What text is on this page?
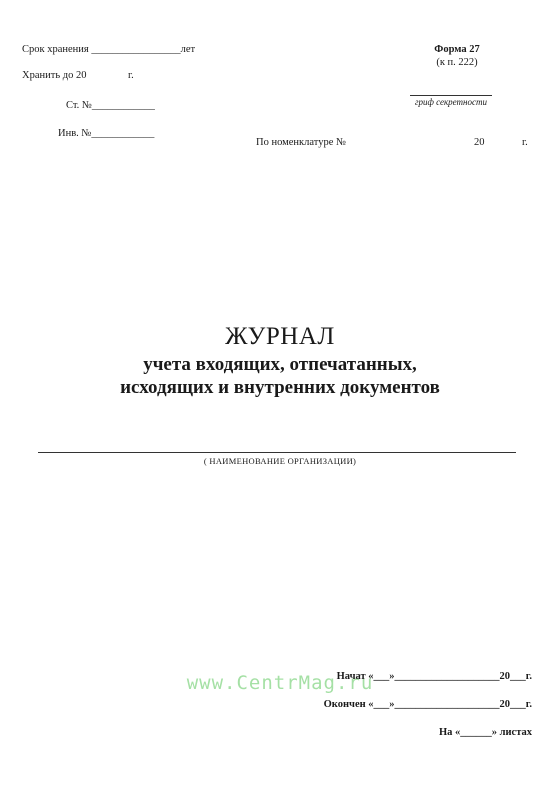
Срок хранения _________________лет
Хранить до 20	г.
Ст. №____________
Инв. №____________
Форма 27
(к п. 222)
гриф секретности
По номенклатуре №	20	г.
ЖУРНАЛ
учета входящих, отпечатанных,
исходящих и внутренних документов
( НАИМЕНОВАНИЕ ОРГАНИЗАЦИИ)
www.CentrMag.ru
Начат «___»____________________20___г.
Окончен «___»____________________20___г.
На «______» листах
